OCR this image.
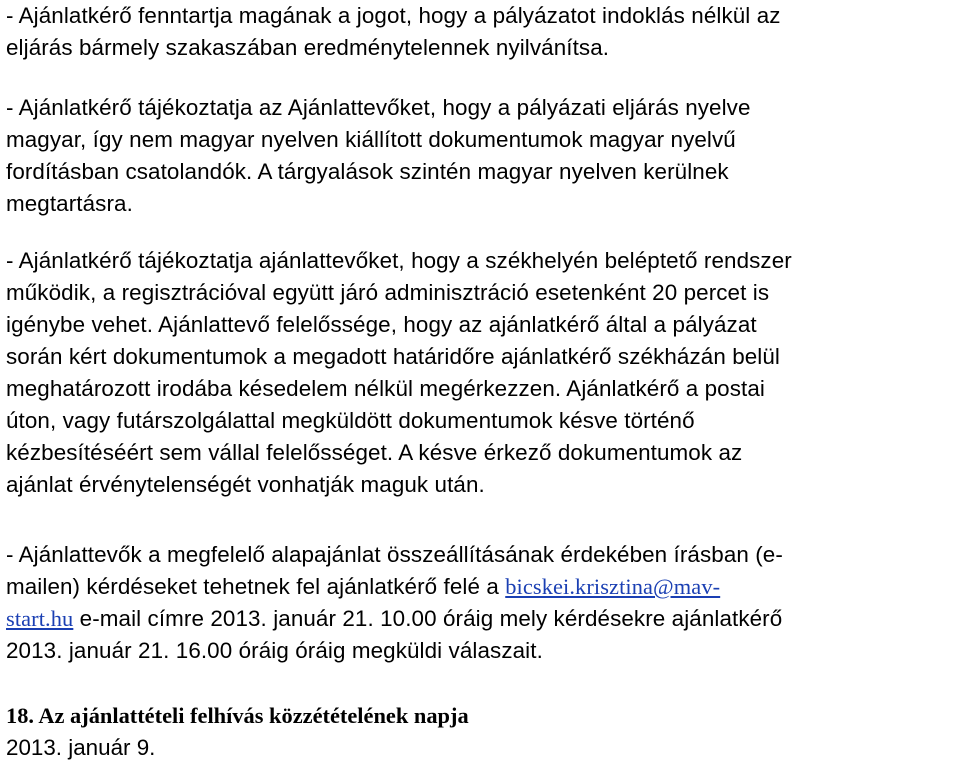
- Ajánlatkérő fenntartja magának a jogot, hogy a pályázatot indoklás nélkül az
eljárás bármely szakaszában eredménytelennek nyilvánítsa.
- Ajánlatkérő tájékoztatja az Ajánlattevőket, hogy a pályázati eljárás nyelve
magyar, így nem magyar nyelven kiállított dokumentumok magyar nyelvű
fordításban csatolandók. A tárgyalások szintén magyar nyelven kerülnek
megtartásra.
- Ajánlatkérő tájékoztatja ajánlattevőket, hogy a székhelyén beléptető rendszer
működik, a regisztrációval együtt járó adminisztráció esetenként 20 percet is
igénybe vehet. Ajánlattevő felelőssége, hogy az ajánlatkérő által a pályázat
során kért dokumentumok a megadott határidőre ajánlatkérő székházán belül
meghatározott irodába késedelem nélkül megérkezzen. Ajánlatkérő a postai
úton, vagy futárszolgálattal megküldött dokumentumok késve történő
kézbesítéséért sem vállal felelősséget. A késve érkező dokumentumok az
ajánlat érvénytelenségét vonhatják maguk után.
- Ajánlattevők a megfelelő alapajánlat összeállításának érdekében írásban (e-
mailen) kérdéseket tehetnek fel ajánlatkérő felé a bicskei.krisztina@mav-
start.hu e-mail címre 2013. január 21. 10.00 óráig mely kérdésekre ajánlatkérő
2013. január 21. 16.00 óráig óráig megküldi válaszait.
18. Az ajánlattételi felhívás közzétételének napja
2013. január 9.
